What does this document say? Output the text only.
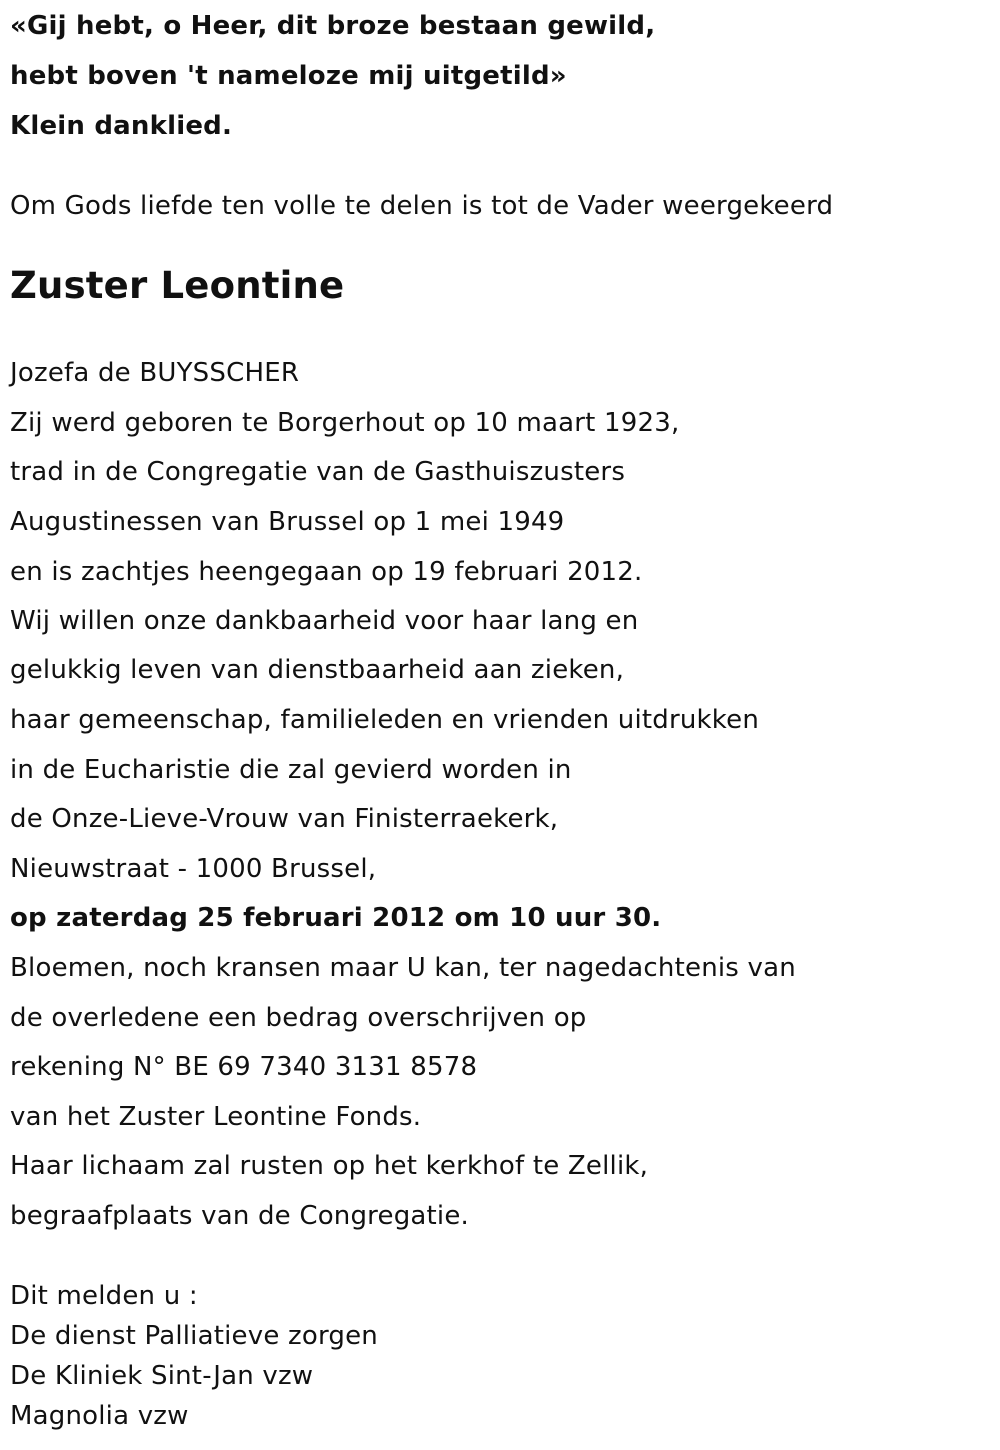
«Gij hebt, o Heer, dit broze bestaan gewild,
hebt boven 't nameloze mij uitgetild»
Klein danklied.
Om Gods liefde ten volle te delen is tot de Vader weergekeerd
Zuster Leontine
Jozefa de BUYSSCHER
Zij werd geboren te Borgerhout op 10 maart 1923,
trad in de Congregatie van de Gasthuiszusters
Augustinessen van Brussel op 1 mei 1949
en is zachtjes heengegaan op 19 februari 2012.
Wij willen onze dankbaarheid voor haar lang en
gelukkig leven van dienstbaarheid aan zieken,
haar gemeenschap, familieleden en vrienden uitdrukken
in de Eucharistie die zal gevierd worden in
de Onze-Lieve-Vrouw van Finisterraekerk,
Nieuwstraat - 1000 Brussel,
op zaterdag 25 februari 2012 om 10 uur 30.
Bloemen, noch kransen maar U kan, ter nagedachtenis van
de overledene een bedrag overschrijven op
rekening N° BE 69 7340 3131 8578
van het Zuster Leontine Fonds.
Haar lichaam zal rusten op het kerkhof te Zellik,
begraafplaats van de Congregatie.
Dit melden u :
De dienst Palliatieve zorgen
De Kliniek Sint-Jan vzw
Magnolia vzw
